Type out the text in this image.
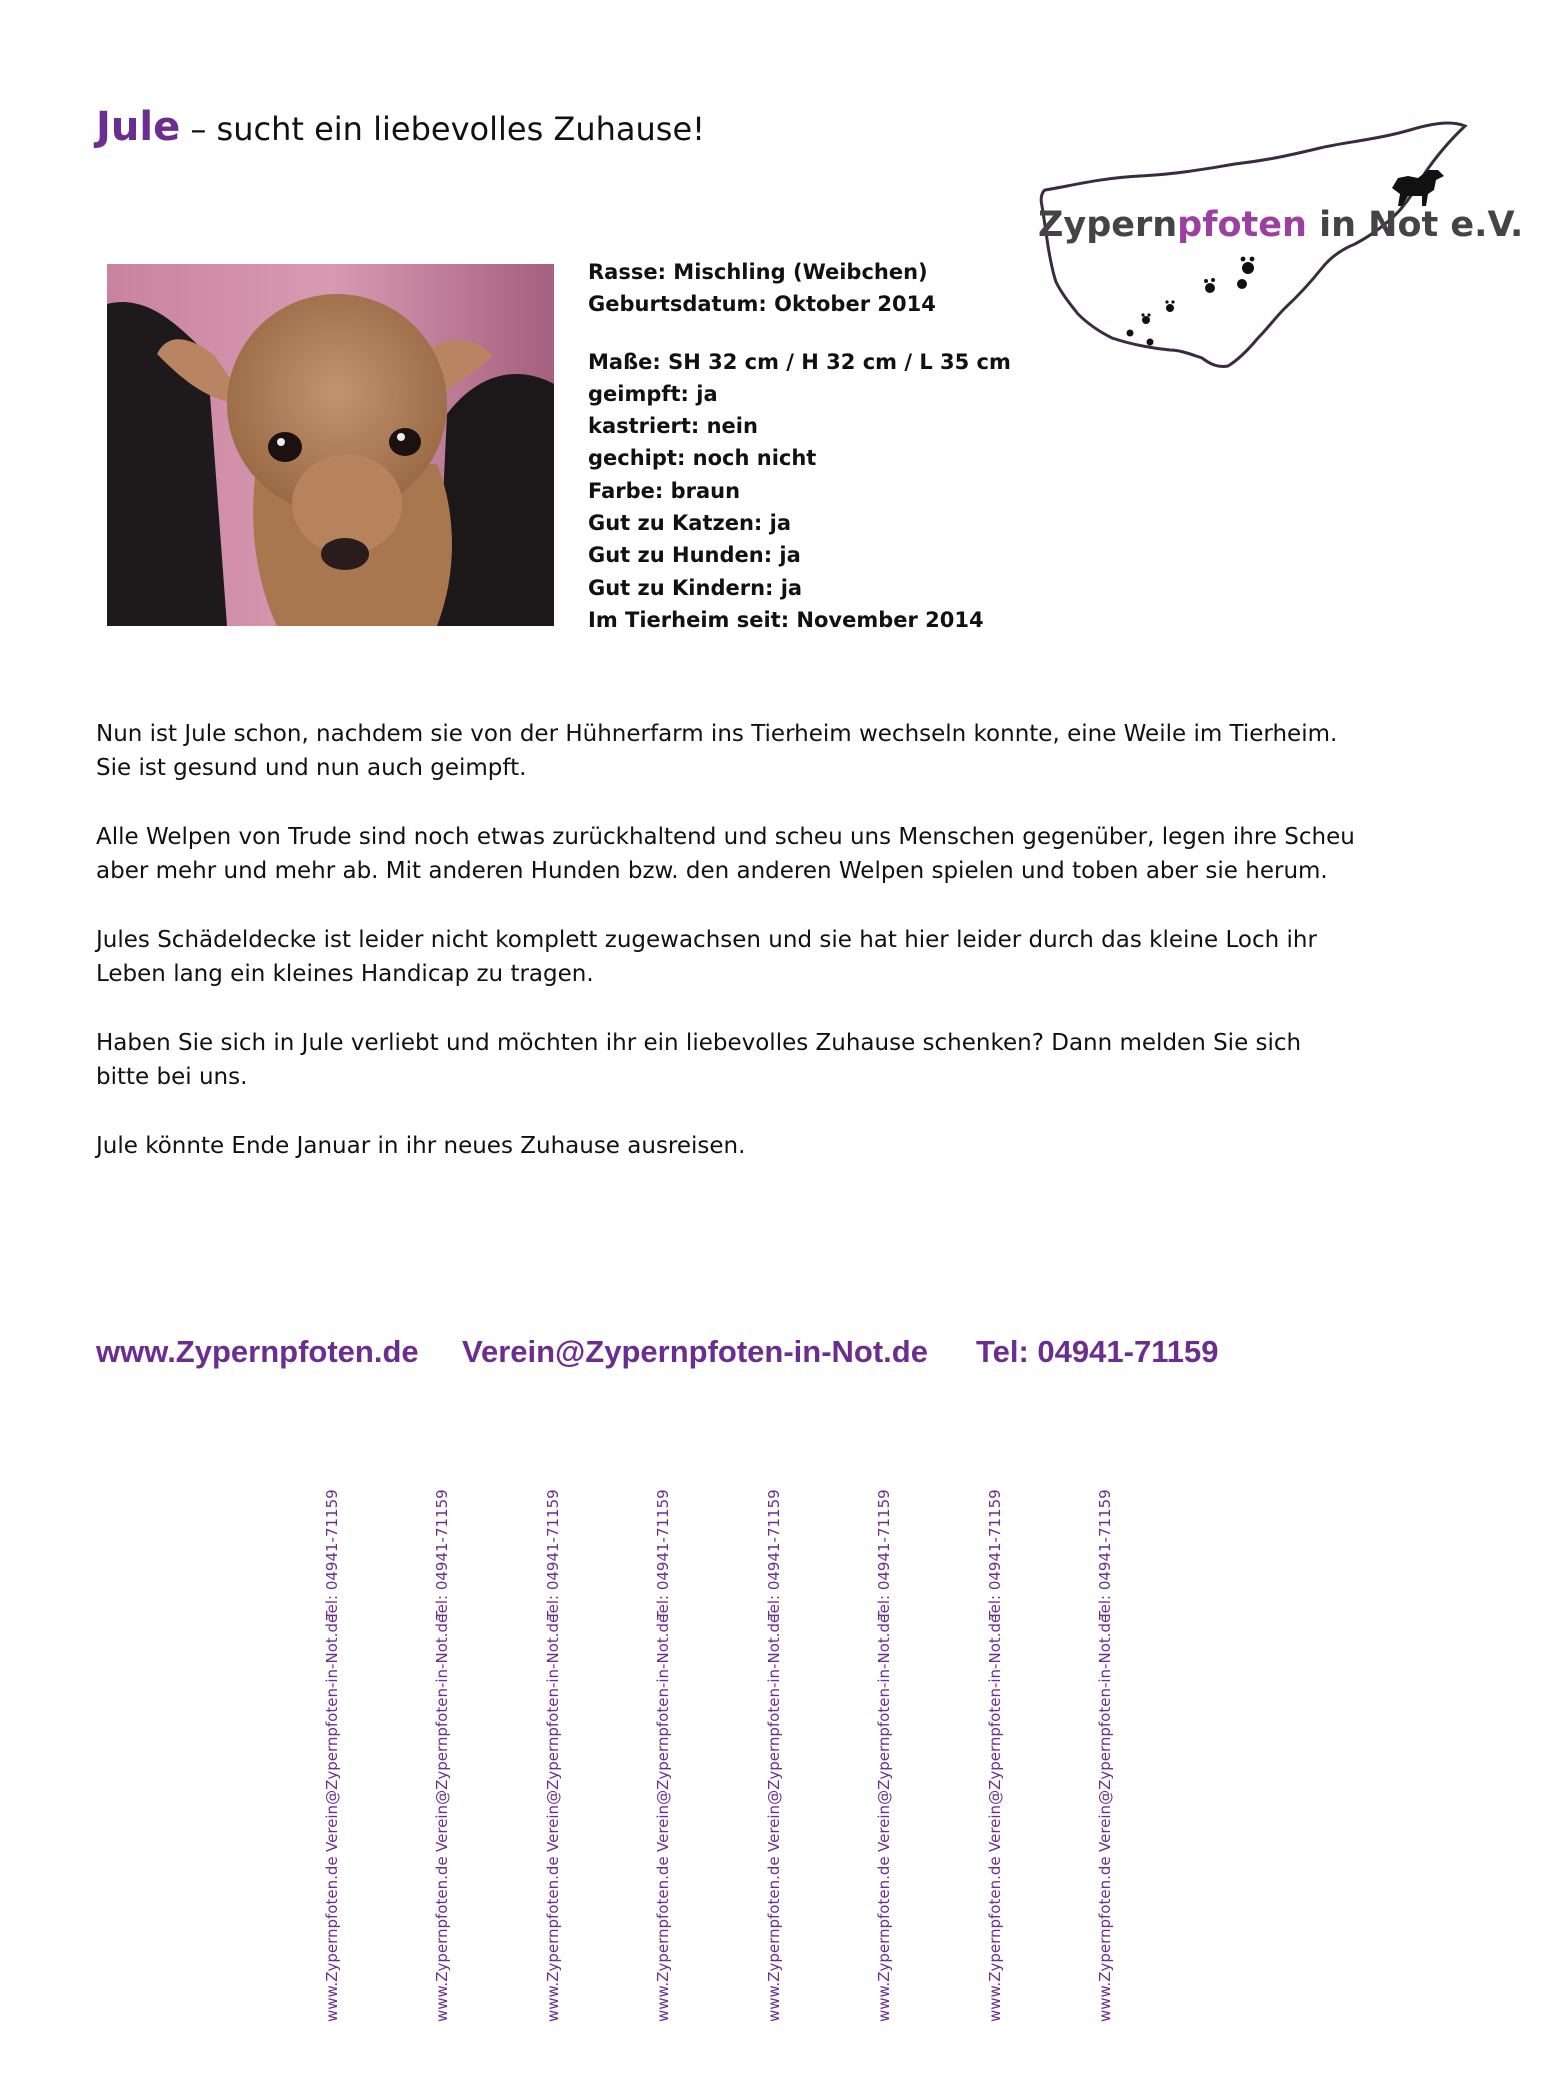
Jule – sucht ein liebevolles Zuhause!
Zypernpfoten in Not e.V.
Rasse: Mischling (Weibchen)
Geburtsdatum: Oktober 2014
Maße: SH 32 cm / H 32 cm / L 35 cm
geimpft: ja
kastriert: nein
gechipt: noch nicht
Farbe: braun
Gut zu Katzen: ja
Gut zu Hunden: ja
Gut zu Kindern: ja
Im Tierheim seit: November 2014

Nun ist Jule schon, nachdem sie von der Hühnerfarm ins Tierheim wechseln konnte, eine Weile im Tierheim. Sie ist gesund und nun auch geimpft.

Alle Welpen von Trude sind noch etwas zurückhaltend und scheu uns Menschen gegenüber, legen ihre Scheu aber mehr und mehr ab. Mit anderen Hunden bzw. den anderen Welpen spielen und toben aber sie herum.

Jules Schädeldecke ist leider nicht komplett zugewachsen und sie hat hier leider durch das kleine Loch ihr Leben lang ein kleines Handicap zu tragen.

Haben Sie sich in Jule verliebt und möchten ihr ein liebevolles Zuhause schenken? Dann melden Sie sich bitte bei uns.

Jule könnte Ende Januar in ihr neues Zuhause ausreisen.

www.Zypernpfoten.de Verein@Zypernpfoten-in-Not.de Tel: 04941-71159
Tel: 04941-71159
Verein@Zypernpfoten-in-Not.de
www.Zypernpfoten.de
Tel: 04941-71159
Verein@Zypernpfoten-in-Not.de
www.Zypernpfoten.de
Tel: 04941-71159
Verein@Zypernpfoten-in-Not.de
www.Zypernpfoten.de
Tel: 04941-71159
Verein@Zypernpfoten-in-Not.de
www.Zypernpfoten.de
Tel: 04941-71159
Verein@Zypernpfoten-in-Not.de
www.Zypernpfoten.de
Tel: 04941-71159
Verein@Zypernpfoten-in-Not.de
www.Zypernpfoten.de
Tel: 04941-71159
Verein@Zypernpfoten-in-Not.de
www.Zypernpfoten.de
Tel: 04941-71159
Verein@Zypernpfoten-in-Not.de
www.Zypernpfoten.de
